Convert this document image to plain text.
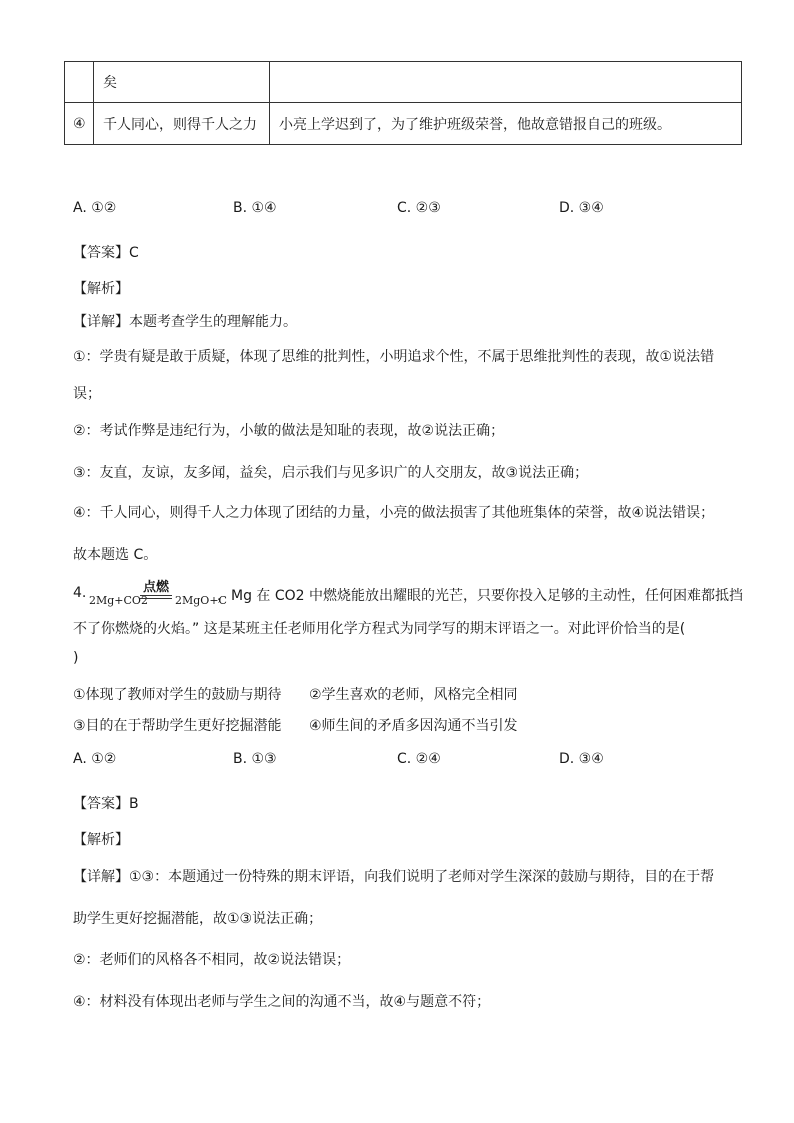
	矣	
④	千人同心，则得千人之力	小亮上学迟到了，为了维护班级荣誉，他故意错报自己的班级。
A. ①②	B. ①④	C. ②③	D. ③④
【答案】C
【解析】
【详解】本题考查学生的理解能力。
①：学贵有疑是敢于质疑，体现了思维的批判性，小明追求个性，不属于思维批判性的表现，故①说法错
误；
②：考试作弊是违纪行为，小敏的做法是知耻的表现，故②说法正确；
③：友直，友谅，友多闻，益矣，启示我们与见多识广的人交朋友，故③说法正确；
④：千人同心，则得千人之力体现了团结的力量，小亮的做法损害了其他班集体的荣誉，故④说法错误；
故本题选 C。
4. 2Mg+CO2
点燃
2MgO+C
，Mg 在 CO2 中燃烧能放出耀眼的光芒，只要你投入足够的主动性，任何困难都抵挡
不了你燃烧的火焰。” 这是某班主任老师用化学方程式为同学写的期末评语之一。对此评价恰当的是(
)
①体现了教师对学生的鼓励与期待 ②学生喜欢的老师，风格完全相同
③目的在于帮助学生更好挖掘潜能 ④师生间的矛盾多因沟通不当引发
A. ①②	B. ①③	C. ②④	D. ③④
【答案】B
【解析】
【详解】①③：本题通过一份特殊的期末评语，向我们说明了老师对学生深深的鼓励与期待，目的在于帮
助学生更好挖掘潜能，故①③说法正确；
②：老师们的风格各不相同，故②说法错误；
④：材料没有体现出老师与学生之间的沟通不当，故④与题意不符；
